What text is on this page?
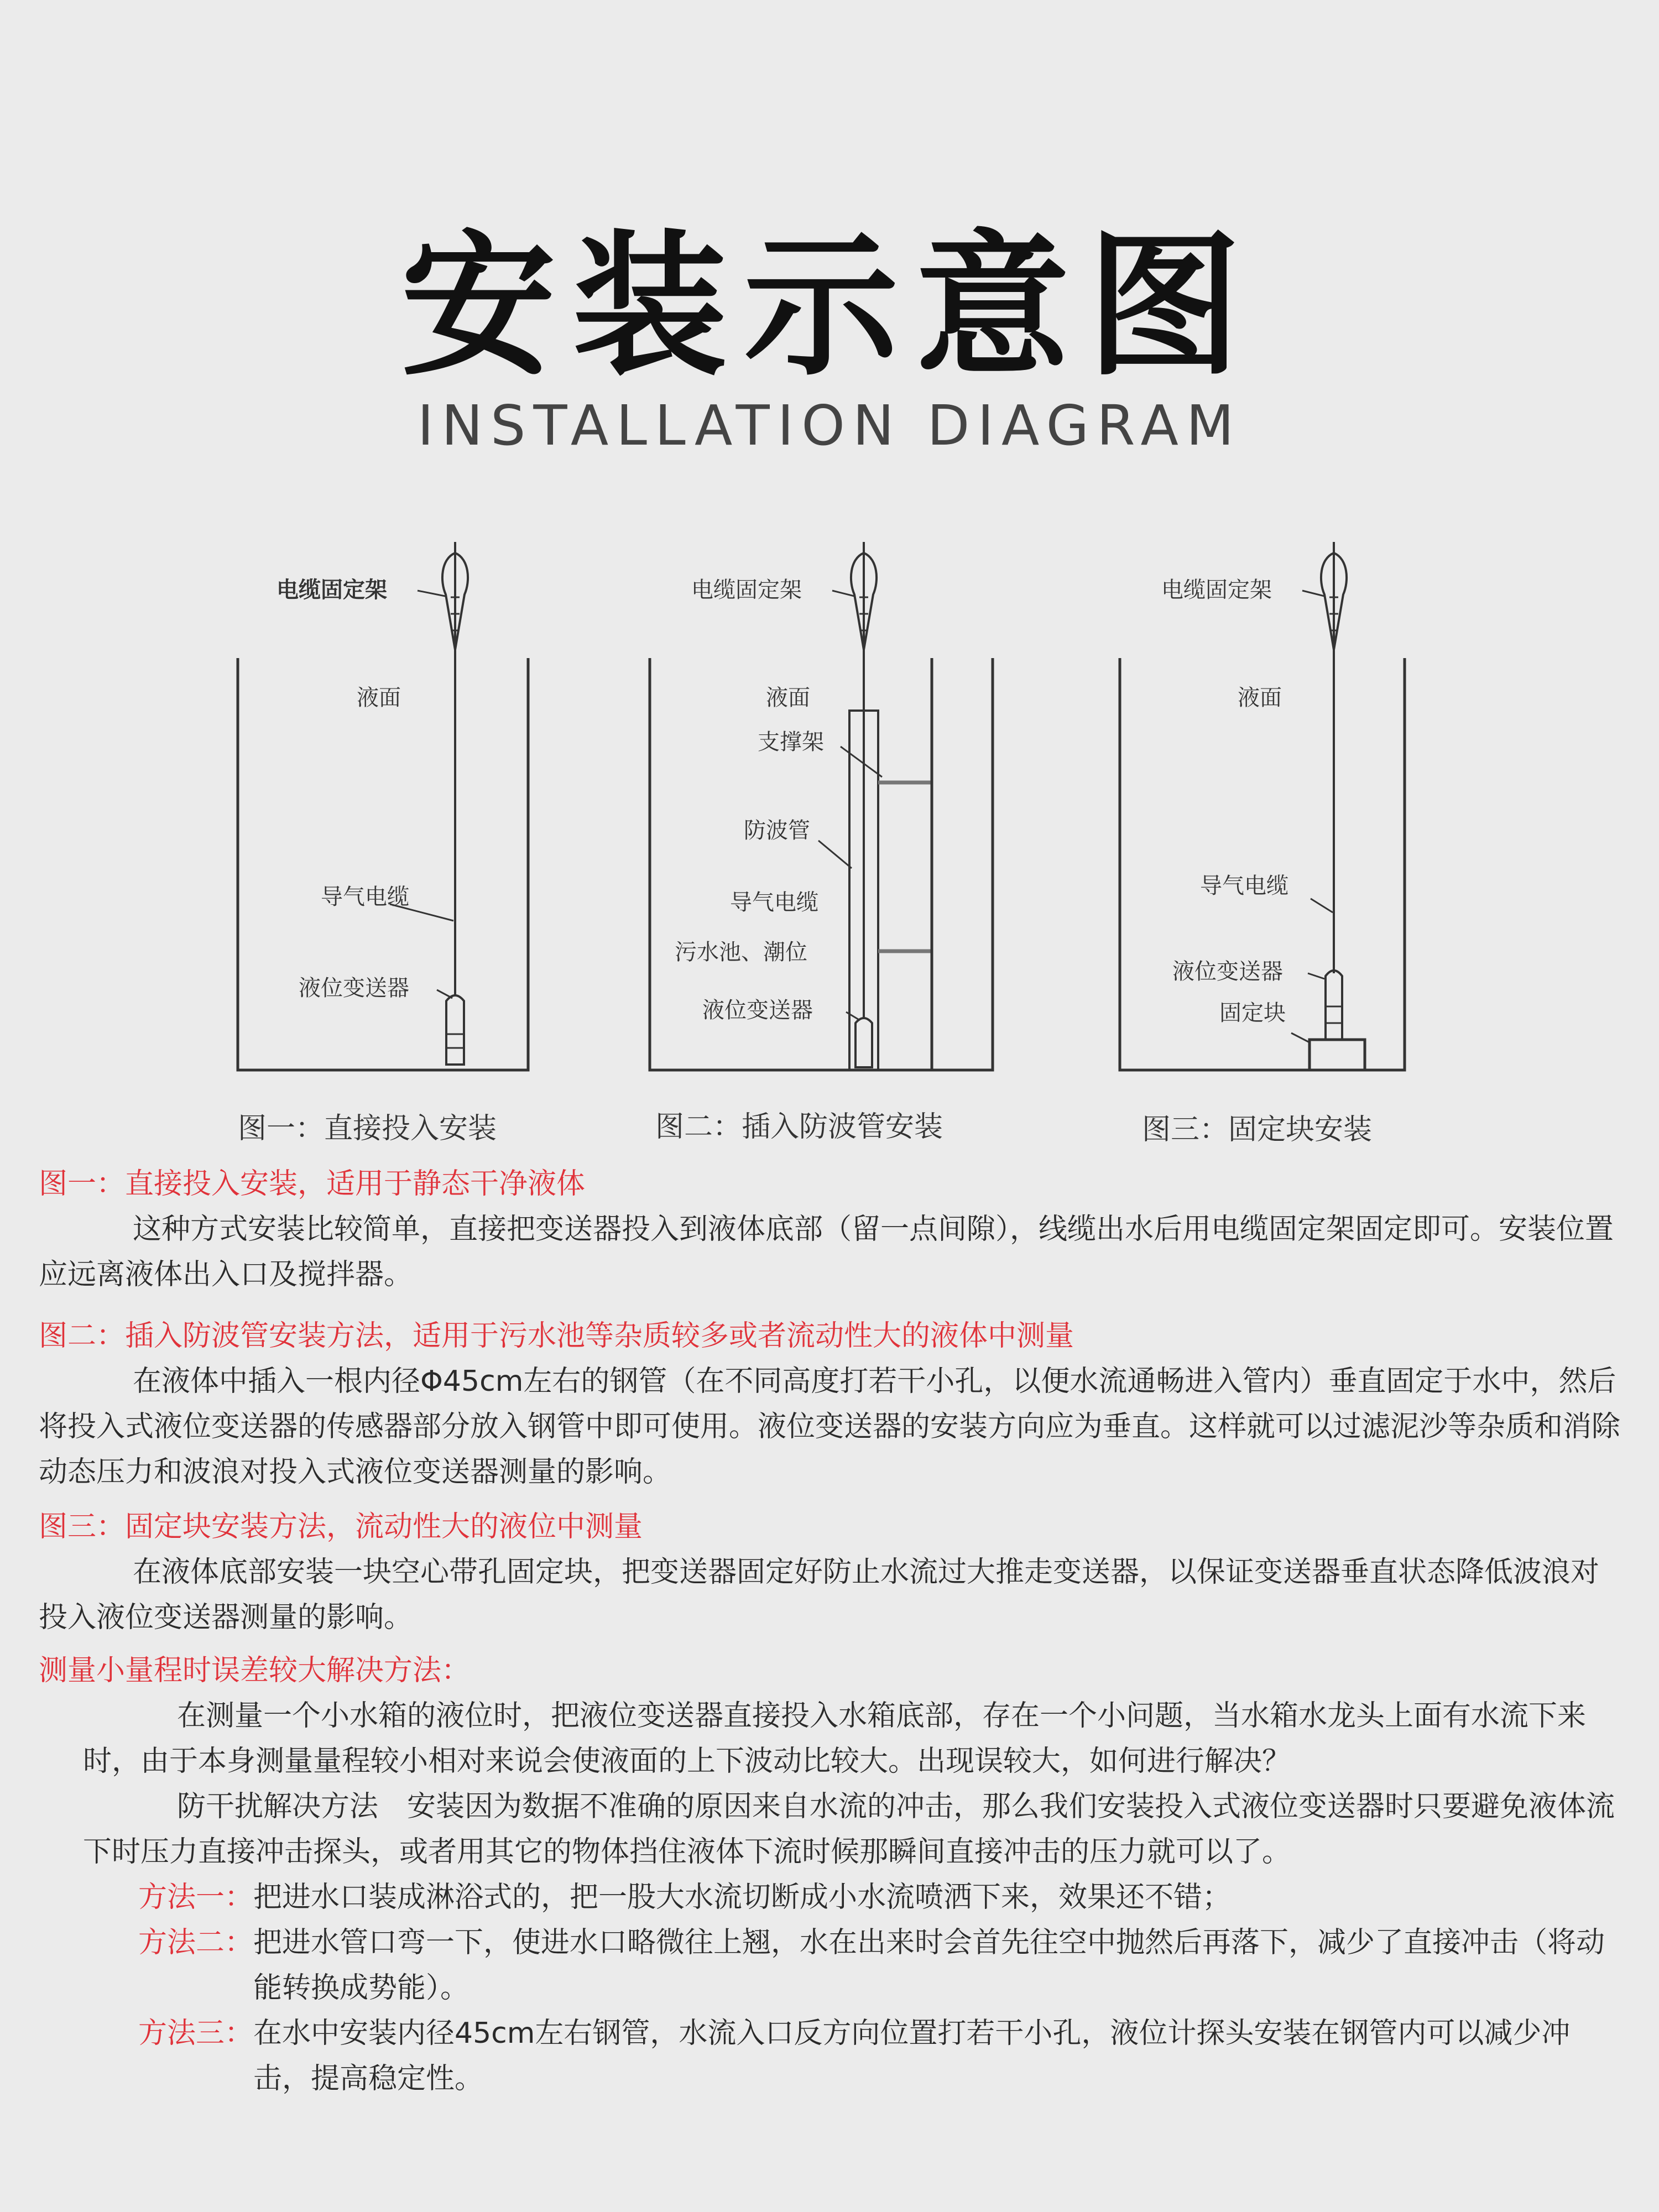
安装示意图
INSTALLATION DIAGRAM
电缆固定架
液面
导气电缆
液位变送器
图一：直接投入安装
电缆固定架
液面
支撑架
防波管
导气电缆
污水池、潮位
液位变送器
图二：插入防波管安装
电缆固定架
液面
导气电缆
液位变送器
固定块
图三：固定块安装
图一：直接投入安装，适用于静态干净液体
这种方式安装比较简单，直接把变送器投入到液体底部（留一点间隙），线缆出水后用电缆固定架固定即可。安装位置应远离液体出入口及搅拌器。
图二：插入防波管安装方法，适用于污水池等杂质较多或者流动性大的液体中测量
在液体中插入一根内径Φ45cm左右的钢管（在不同高度打若干小孔，以便水流通畅进入管内）垂直固定于水中，然后将投入式液位变送器的传感器部分放入钢管中即可使用。液位变送器的安装方向应为垂直。这样就可以过滤泥沙等杂质和消除动态压力和波浪对投入式液位变送器测量的影响。
图三：固定块安装方法，流动性大的液位中测量
在液体底部安装一块空心带孔固定块，把变送器固定好防止水流过大推走变送器，以保证变送器垂直状态降低波浪对投入液位变送器测量的影响。
测量小量程时误差较大解决方法：
在测量一个小水箱的液位时，把液位变送器直接投入水箱底部，存在一个小问题，当水箱水龙头上面有水流下来时，由于本身测量量程较小相对来说会使液面的上下波动比较大。出现误较大，如何进行解决？
防干扰解决方法　安装因为数据不准确的原因来自水流的冲击，那么我们安装投入式液位变送器时只要避免液体流下时压力直接冲击探头，或者用其它的物体挡住液体下流时候那瞬间直接冲击的压力就可以了。
方法一： 把进水口装成淋浴式的，把一股大水流切断成小水流喷洒下来，效果还不错；
方法二： 把进水管口弯一下，使进水口略微往上翘，水在出来时会首先往空中抛然后再落下，减少了直接冲击（将动能转换成势能）。
方法三： 在水中安装内径45cm左右钢管，水流入口反方向位置打若干小孔，液位计探头安装在钢管内可以减少冲击，提高稳定性。
